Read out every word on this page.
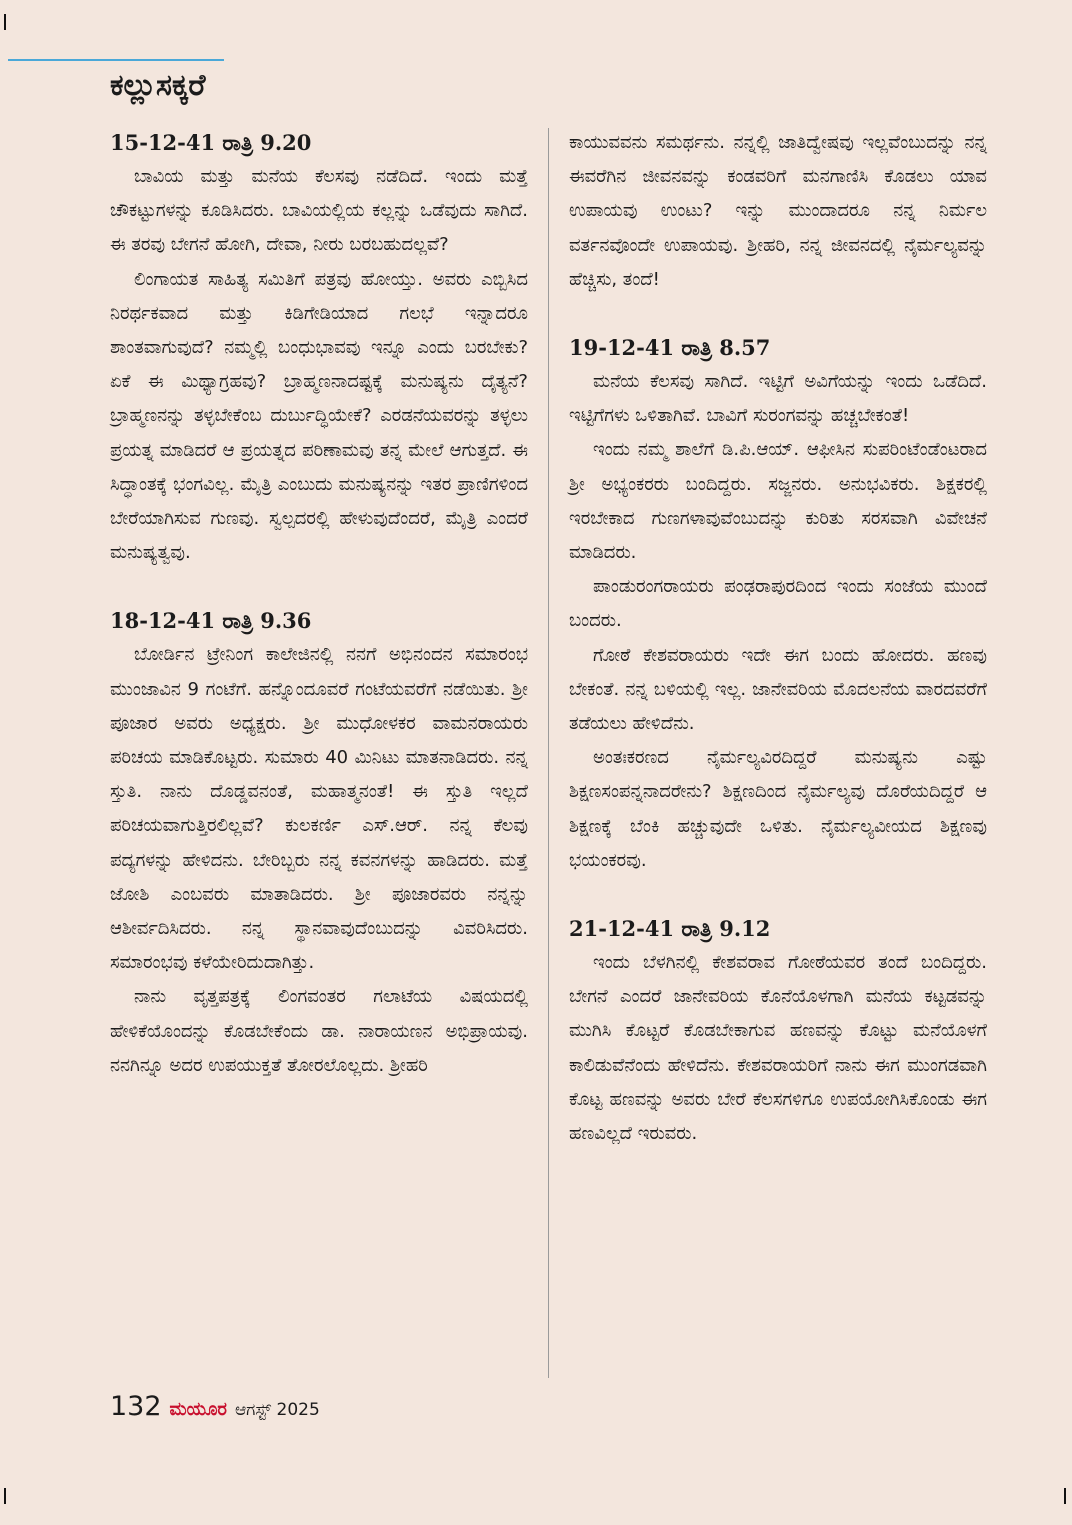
ಕಲ್ಲುಸಕ್ಕರೆ

15-12-41 ರಾತ್ರಿ 9.20

ಬಾವಿಯ ಮತ್ತು ಮನೆಯ ಕೆಲಸವು ನಡೆದಿದೆ. ಇಂದು ಮತ್ತೆ ಚೌಕಟ್ಟುಗಳನ್ನು ಕೂಡಿಸಿದರು. ಬಾವಿಯಲ್ಲಿಯ ಕಲ್ಲನ್ನು ಒಡೆವುದು ಸಾಗಿದೆ. ಈ ತರವು ಬೇಗನೆ ಹೋಗಿ, ದೇವಾ, ನೀರು ಬರಬಹುದಲ್ಲವೆ?

ಲಿಂಗಾಯತ ಸಾಹಿತ್ಯ ಸಮಿತಿಗೆ ಪತ್ರವು ಹೋಯ್ತು. ಅವರು ಎಬ್ಬಿಸಿದ ನಿರರ್ಥಕವಾದ ಮತ್ತು ಕಿಡಿಗೇಡಿಯಾದ ಗಲಭೆ ಇನ್ನಾದರೂ ಶಾಂತವಾಗುವುದೆ? ನಮ್ಮಲ್ಲಿ ಬಂಧುಭಾವವು ಇನ್ನೂ ಎಂದು ಬರಬೇಕು? ಏಕೆ ಈ ಮಿಥ್ಯಾಗ್ರಹವು? ಬ್ರಾಹ್ಮಣನಾದಷ್ಟಕ್ಕೆ ಮನುಷ್ಯನು ದೈತ್ಯನೆ? ಬ್ರಾಹ್ಮಣನನ್ನು ತಳ್ಳಬೇಕೆಂಬ ದುರ್ಬುದ್ಧಿಯೇಕೆ? ಎರಡನೆಯವರನ್ನು ತಳ್ಳಲು ಪ್ರಯತ್ನ ಮಾಡಿದರೆ ಆ ಪ್ರಯತ್ನದ ಪರಿಣಾಮವು ತನ್ನ ಮೇಲೆ ಆಗುತ್ತದೆ. ಈ ಸಿದ್ಧಾಂತಕ್ಕೆ ಭಂಗವಿಲ್ಲ. ಮೈತ್ರಿ ಎಂಬುದು ಮನುಷ್ಯನನ್ನು ಇತರ ಪ್ರಾಣಿಗಳಿಂದ ಬೇರೆಯಾಗಿಸುವ ಗುಣವು. ಸ್ವಲ್ಪದರಲ್ಲಿ ಹೇಳುವುದೆಂದರೆ, ಮೈತ್ರಿ ಎಂದರೆ ಮನುಷ್ಯತ್ವವು.

18-12-41 ರಾತ್ರಿ 9.36

ಬೋರ್ಡಿನ ಟ್ರೇನಿಂಗ ಕಾಲೇಜಿನಲ್ಲಿ ನನಗೆ ಅಭಿನಂದನ ಸಮಾರಂಭ ಮುಂಜಾವಿನ 9 ಗಂಟೆಗೆ. ಹನ್ನೊಂದೂವರೆ ಗಂಟೆಯವರೆಗೆ ನಡೆಯಿತು. ಶ್ರೀ ಪೂಜಾರ ಅವರು ಅಧ್ಯಕ್ಷರು. ಶ್ರೀ ಮುಧೋಳಕರ ವಾಮನರಾಯರು ಪರಿಚಯ ಮಾಡಿಕೊಟ್ಟರು. ಸುಮಾರು 40 ಮಿನಿಟು ಮಾತನಾಡಿದರು. ನನ್ನ ಸ್ತುತಿ. ನಾನು ದೊಡ್ಡವನಂತೆ, ಮಹಾತ್ಮನಂತೆ! ಈ ಸ್ತುತಿ ಇಲ್ಲದೆ ಪರಿಚಯವಾಗುತ್ತಿರಲಿಲ್ಲವೆ? ಕುಲಕರ್ಣಿ ಎಸ್.ಆರ್. ನನ್ನ ಕೆಲವು ಪದ್ಯಗಳನ್ನು ಹೇಳಿದನು. ಬೇರಿಬ್ಬರು ನನ್ನ ಕವನಗಳನ್ನು ಹಾಡಿದರು. ಮತ್ತೆ ಜೋಶಿ ಎಂಬವರು ಮಾತಾಡಿದರು. ಶ್ರೀ ಪೂಜಾರವರು ನನ್ನನ್ನು ಆಶೀರ್ವದಿಸಿದರು. ನನ್ನ ಸ್ಥಾನವಾವುದೆಂಬುದನ್ನು ವಿವರಿಸಿದರು. ಸಮಾರಂಭವು ಕಳೆಯೇರಿದುದಾಗಿತ್ತು.

ನಾನು ವೃತ್ತಪತ್ರಕ್ಕೆ ಲಿಂಗವಂತರ ಗಲಾಟೆಯ ವಿಷಯದಲ್ಲಿ ಹೇಳಿಕೆಯೊಂದನ್ನು ಕೊಡಬೇಕೆಂದು ಡಾ. ನಾರಾಯಣನ ಅಭಿಪ್ರಾಯವು. ನನಗಿನ್ನೂ ಅದರ ಉಪಯುಕ್ತತೆ ತೋರಲೊಲ್ಲದು. ಶ್ರೀಹರಿ

ಕಾಯುವವನು ಸಮರ್ಥನು. ನನ್ನಲ್ಲಿ ಜಾತಿದ್ವೇಷವು ಇಲ್ಲವೆಂಬುದನ್ನು ನನ್ನ ಈವರೆಗಿನ ಜೀವನವನ್ನು ಕಂಡವರಿಗೆ ಮನಗಾಣಿಸಿ ಕೊಡಲು ಯಾವ ಉಪಾಯವು ಉಂಟು? ಇನ್ನು ಮುಂದಾದರೂ ನನ್ನ ನಿರ್ಮಲ ವರ್ತನವೊಂದೇ ಉಪಾಯವು. ಶ್ರೀಹರಿ, ನನ್ನ ಜೀವನದಲ್ಲಿ ನೈರ್ಮಲ್ಯವನ್ನು ಹೆಚ್ಚಿಸು, ತಂದೆ!

19-12-41 ರಾತ್ರಿ 8.57

ಮನೆಯ ಕೆಲಸವು ಸಾಗಿದೆ. ಇಟ್ಟಿಗೆ ಅವಿಗೆಯನ್ನು ಇಂದು ಒಡೆದಿದೆ. ಇಟ್ಟಿಗೆಗಳು ಒಳಿತಾಗಿವೆ. ಬಾವಿಗೆ ಸುರಂಗವನ್ನು ಹಚ್ಚಬೇಕಂತೆ!

ಇಂದು ನಮ್ಮ ಶಾಲೆಗೆ ಡಿ.ಪಿ.ಆಯ್. ಆಫೀಸಿನ ಸುಪರಿಂಟೆಂಡೆಂಟರಾದ ಶ್ರೀ ಅಭ್ಯಂಕರರು ಬಂದಿದ್ದರು. ಸಜ್ಜನರು. ಅನುಭವಿಕರು. ಶಿಕ್ಷಕರಲ್ಲಿ ಇರಬೇಕಾದ ಗುಣಗಳಾವುವೆಂಬುದನ್ನು ಕುರಿತು ಸರಸವಾಗಿ ವಿವೇಚನೆ ಮಾಡಿದರು.

ಪಾಂಡುರಂಗರಾಯರು ಪಂಢರಾಪುರದಿಂದ ಇಂದು ಸಂಜೆಯ ಮುಂದೆ ಬಂದರು.

ಗೋಠೆ ಕೇಶವರಾಯರು ಇದೇ ಈಗ ಬಂದು ಹೋದರು. ಹಣವು ಬೇಕಂತೆ. ನನ್ನ ಬಳಿಯಲ್ಲಿ ಇಲ್ಲ. ಜಾನೇವರಿಯ ಮೊದಲನೆಯ ವಾರದವರೆಗೆ ತಡೆಯಲು ಹೇಳಿದೆನು.

ಅಂತಃಕರಣದ ನೈರ್ಮಲ್ಯವಿರದಿದ್ದರೆ ಮನುಷ್ಯನು ಎಷ್ಟು ಶಿಕ್ಷಣಸಂಪನ್ನನಾದರೇನು? ಶಿಕ್ಷಣದಿಂದ ನೈರ್ಮಲ್ಯವು ದೊರೆಯದಿದ್ದರೆ ಆ ಶಿಕ್ಷಣಕ್ಕೆ ಬೆಂಕಿ ಹಚ್ಚುವುದೇ ಒಳಿತು. ನೈರ್ಮಲ್ಯವೀಯದ ಶಿಕ್ಷಣವು ಭಯಂಕರವು.

21-12-41 ರಾತ್ರಿ 9.12

ಇಂದು ಬೆಳಗಿನಲ್ಲಿ ಕೇಶವರಾವ ಗೋಠೆಯವರ ತಂದೆ ಬಂದಿದ್ದರು. ಬೇಗನೆ ಎಂದರೆ ಜಾನೇವರಿಯ ಕೊನೆಯೊಳಗಾಗಿ ಮನೆಯ ಕಟ್ಟಡವನ್ನು ಮುಗಿಸಿ ಕೊಟ್ಟರೆ ಕೊಡಬೇಕಾಗುವ ಹಣವನ್ನು ಕೊಟ್ಟು ಮನೆಯೊಳಗೆ ಕಾಲಿಡುವೆನೆಂದು ಹೇಳಿದೆನು. ಕೇಶವರಾಯರಿಗೆ ನಾನು ಈಗ ಮುಂಗಡವಾಗಿ ಕೊಟ್ಟ ಹಣವನ್ನು ಅವರು ಬೇರೆ ಕೆಲಸಗಳಿಗೂ ಉಪಯೋಗಿಸಿಕೊಂಡು ಈಗ ಹಣವಿಲ್ಲದೆ ಇರುವರು.

132 ಮಯೂರ ಆಗಸ್ಟ್ 2025
